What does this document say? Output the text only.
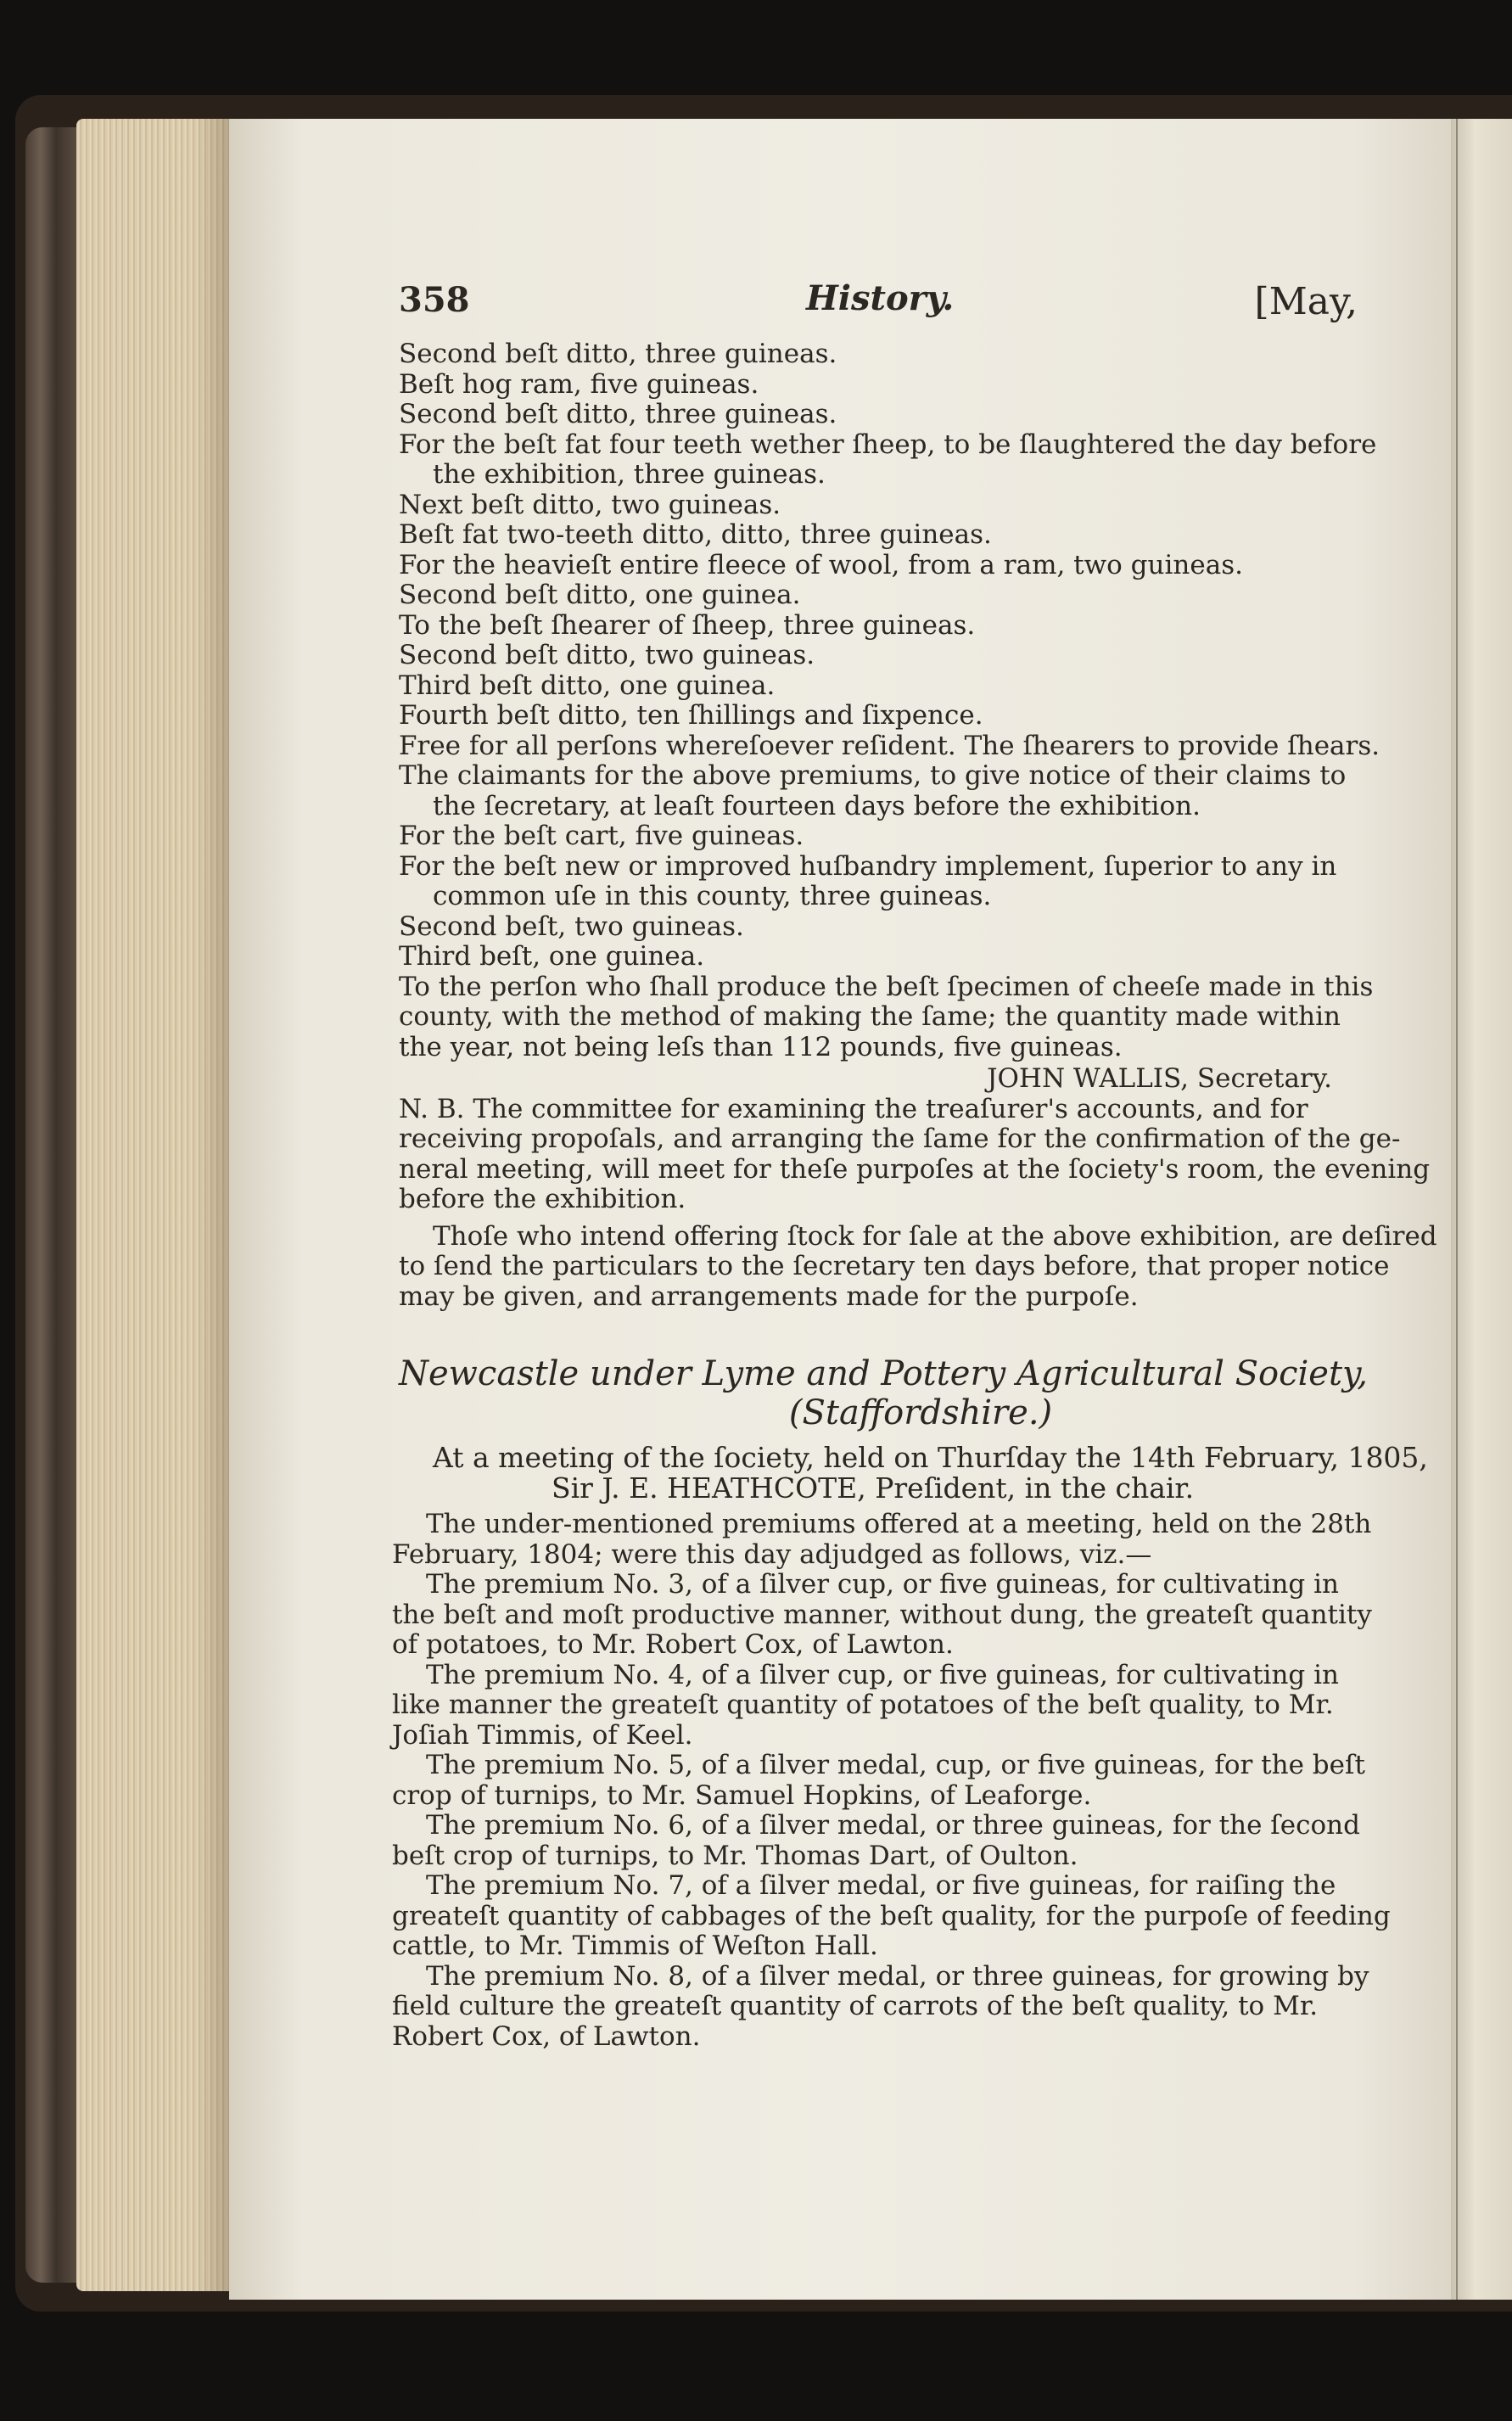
358	History.	[May,
Second beſt ditto, three guineas.
Beſt hog ram, five guineas.
Second beſt ditto, three guineas.
For the beſt fat four teeth wether ſheep, to be ſlaughtered the day before
the exhibition, three guineas.
Next beſt ditto, two guineas.
Beſt fat two-teeth ditto, ditto, three guineas.
For the heavieſt entire fleece of wool, from a ram, two guineas.
Second beſt ditto, one guinea.
To the beſt ſhearer of ſheep, three guineas.
Second beſt ditto, two guineas.
Third beſt ditto, one guinea.
Fourth beſt ditto, ten ſhillings and ſixpence.
Free for all perſons whereſoever reſident. The ſhearers to provide ſhears.
The claimants for the above premiums, to give notice of their claims to
the ſecretary, at leaſt fourteen days before the exhibition.
For the beſt cart, five guineas.
For the beſt new or improved huſbandry implement, ſuperior to any in
common uſe in this county, three guineas.
Second beſt, two guineas.
Third beſt, one guinea.
To the perſon who ſhall produce the beſt ſpecimen of cheeſe made in this
county, with the method of making the ſame; the quantity made within
the year, not being leſs than 112 pounds, five guineas.
JOHN WALLIS, Secretary.
N. B. The committee for examining the treaſurer's accounts, and for
receiving propoſals, and arranging the ſame for the confirmation of the ge-
neral meeting, will meet for theſe purpoſes at the ſociety's room, the evening
before the exhibition.
Thoſe who intend offering ſtock for ſale at the above exhibition, are deſired
to ſend the particulars to the ſecretary ten days before, that proper notice
may be given, and arrangements made for the purpoſe.
Newcastle under Lyme and Pottery Agricultural Society,
(Staffordshire.)
At a meeting of the ſociety, held on Thurſday the 14th February, 1805,
Sir J. E. HEATHCOTE, Preſident, in the chair.
The under-mentioned premiums offered at a meeting, held on the 28th
February, 1804; were this day adjudged as follows, viz.—
The premium No. 3, of a ſilver cup, or five guineas, for cultivating in
the beſt and moſt productive manner, without dung, the greateſt quantity
of potatoes, to Mr. Robert Cox, of Lawton.
The premium No. 4, of a ſilver cup, or five guineas, for cultivating in
like manner the greateſt quantity of potatoes of the beſt quality, to Mr.
Joſiah Timmis, of Keel.
The premium No. 5, of a ſilver medal, cup, or five guineas, for the beſt
crop of turnips, to Mr. Samuel Hopkins, of Leaforge.
The premium No. 6, of a ſilver medal, or three guineas, for the ſecond
beſt crop of turnips, to Mr. Thomas Dart, of Oulton.
The premium No. 7, of a ſilver medal, or five guineas, for raiſing the
greateſt quantity of cabbages of the beſt quality, for the purpoſe of feeding
cattle, to Mr. Timmis of Weſton Hall.
The premium No. 8, of a ſilver medal, or three guineas, for growing by
field culture the greateſt quantity of carrots of the beſt quality, to Mr.
Robert Cox, of Lawton.
